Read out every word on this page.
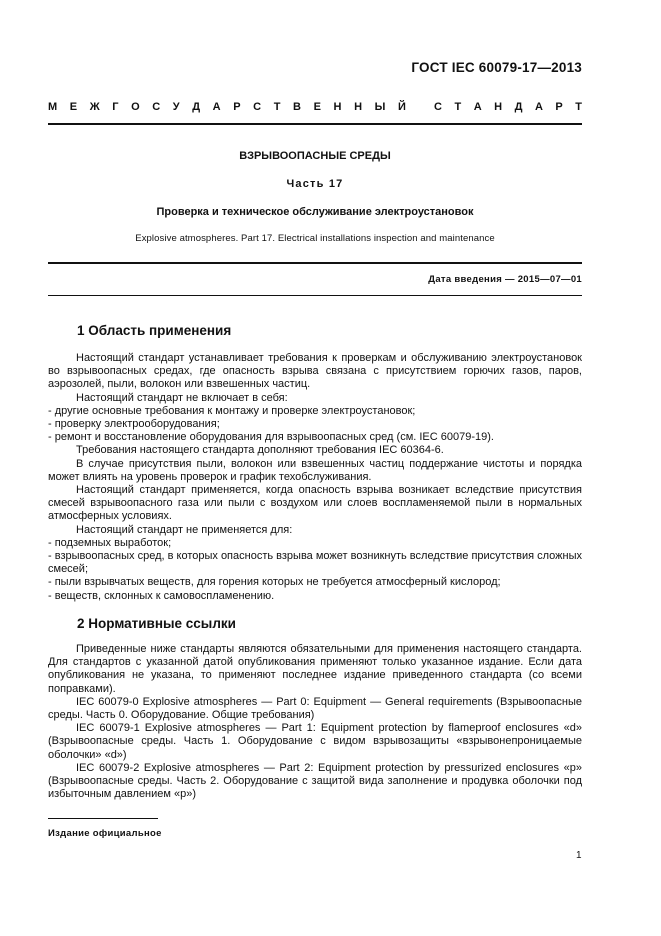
ГОСТ IEC 60079-17—2013
М Е Ж Г О С У Д А Р С Т В Е Н Н Ы Й	С Т А Н Д А Р Т
ВЗРЫВООПАСНЫЕ СРЕДЫ
Часть 17
Проверка и техническое обслуживание электроустановок
Explosive atmospheres. Part 17. Electrical installations inspection and maintenance
Дата введения — 2015—07—01
1 Область применения

Настоящий стандарт устанавливает требования к проверкам и обслуживанию электроустановок во взрывоопасных средах, где опасность взрыва связана с присутствием горючих газов, паров, аэрозолей, пыли, волокон или взвешенных частиц.

Настоящий стандарт не включает в себя:

- другие основные требования к монтажу и проверке электроустановок;

- проверку электрооборудования;

- ремонт и восстановление оборудования для взрывоопасных сред (см. IEC 60079-19).

Требования настоящего стандарта дополняют требования IEC 60364-6.

В случае присутствия пыли, волокон или взвешенных частиц поддержание чистоты и порядка может влиять на уровень проверок и график техобслуживания.

Настоящий стандарт применяется, когда опасность взрыва возникает вследствие присутствия смесей взрывоопасного газа или пыли с воздухом или слоев воспламеняемой пыли в нормальных атмосферных условиях.

Настоящий стандарт не применяется для:

- подземных выработок;

- взрывоопасных сред, в которых опасность взрыва может возникнуть вследствие присутствия сложных смесей;

- пыли взрывчатых веществ, для горения которых не требуется атмосферный кислород;

- веществ, склонных к самовоспламенению.

2 Нормативные ссылки

Приведенные ниже стандарты являются обязательными для применения настоящего стандарта. Для стандартов с указанной датой опубликования применяют только указанное издание. Если дата опубликования не указана, то применяют последнее издание приведенного стандарта (со всеми поправками).

IEC 60079-0 Explosive atmospheres — Part 0: Equipment — General requirements (Взрывоопасные среды. Часть 0. Оборудование. Общие требования)

IEC 60079-1 Explosive atmospheres — Part 1: Equipment protection by flameproof enclosures «d» (Взрывоопасные среды. Часть 1. Оборудование с видом взрывозащиты «взрывонепроницаемые оболочки» «d»)

IEC 60079-2 Explosive atmospheres — Part 2: Equipment protection by pressurized enclosures «p» (Взрывоопасные среды. Часть 2. Оборудование с защитой вида заполнение и продувка оболочки под избыточным давлением «p»)

Издание официальное
1
